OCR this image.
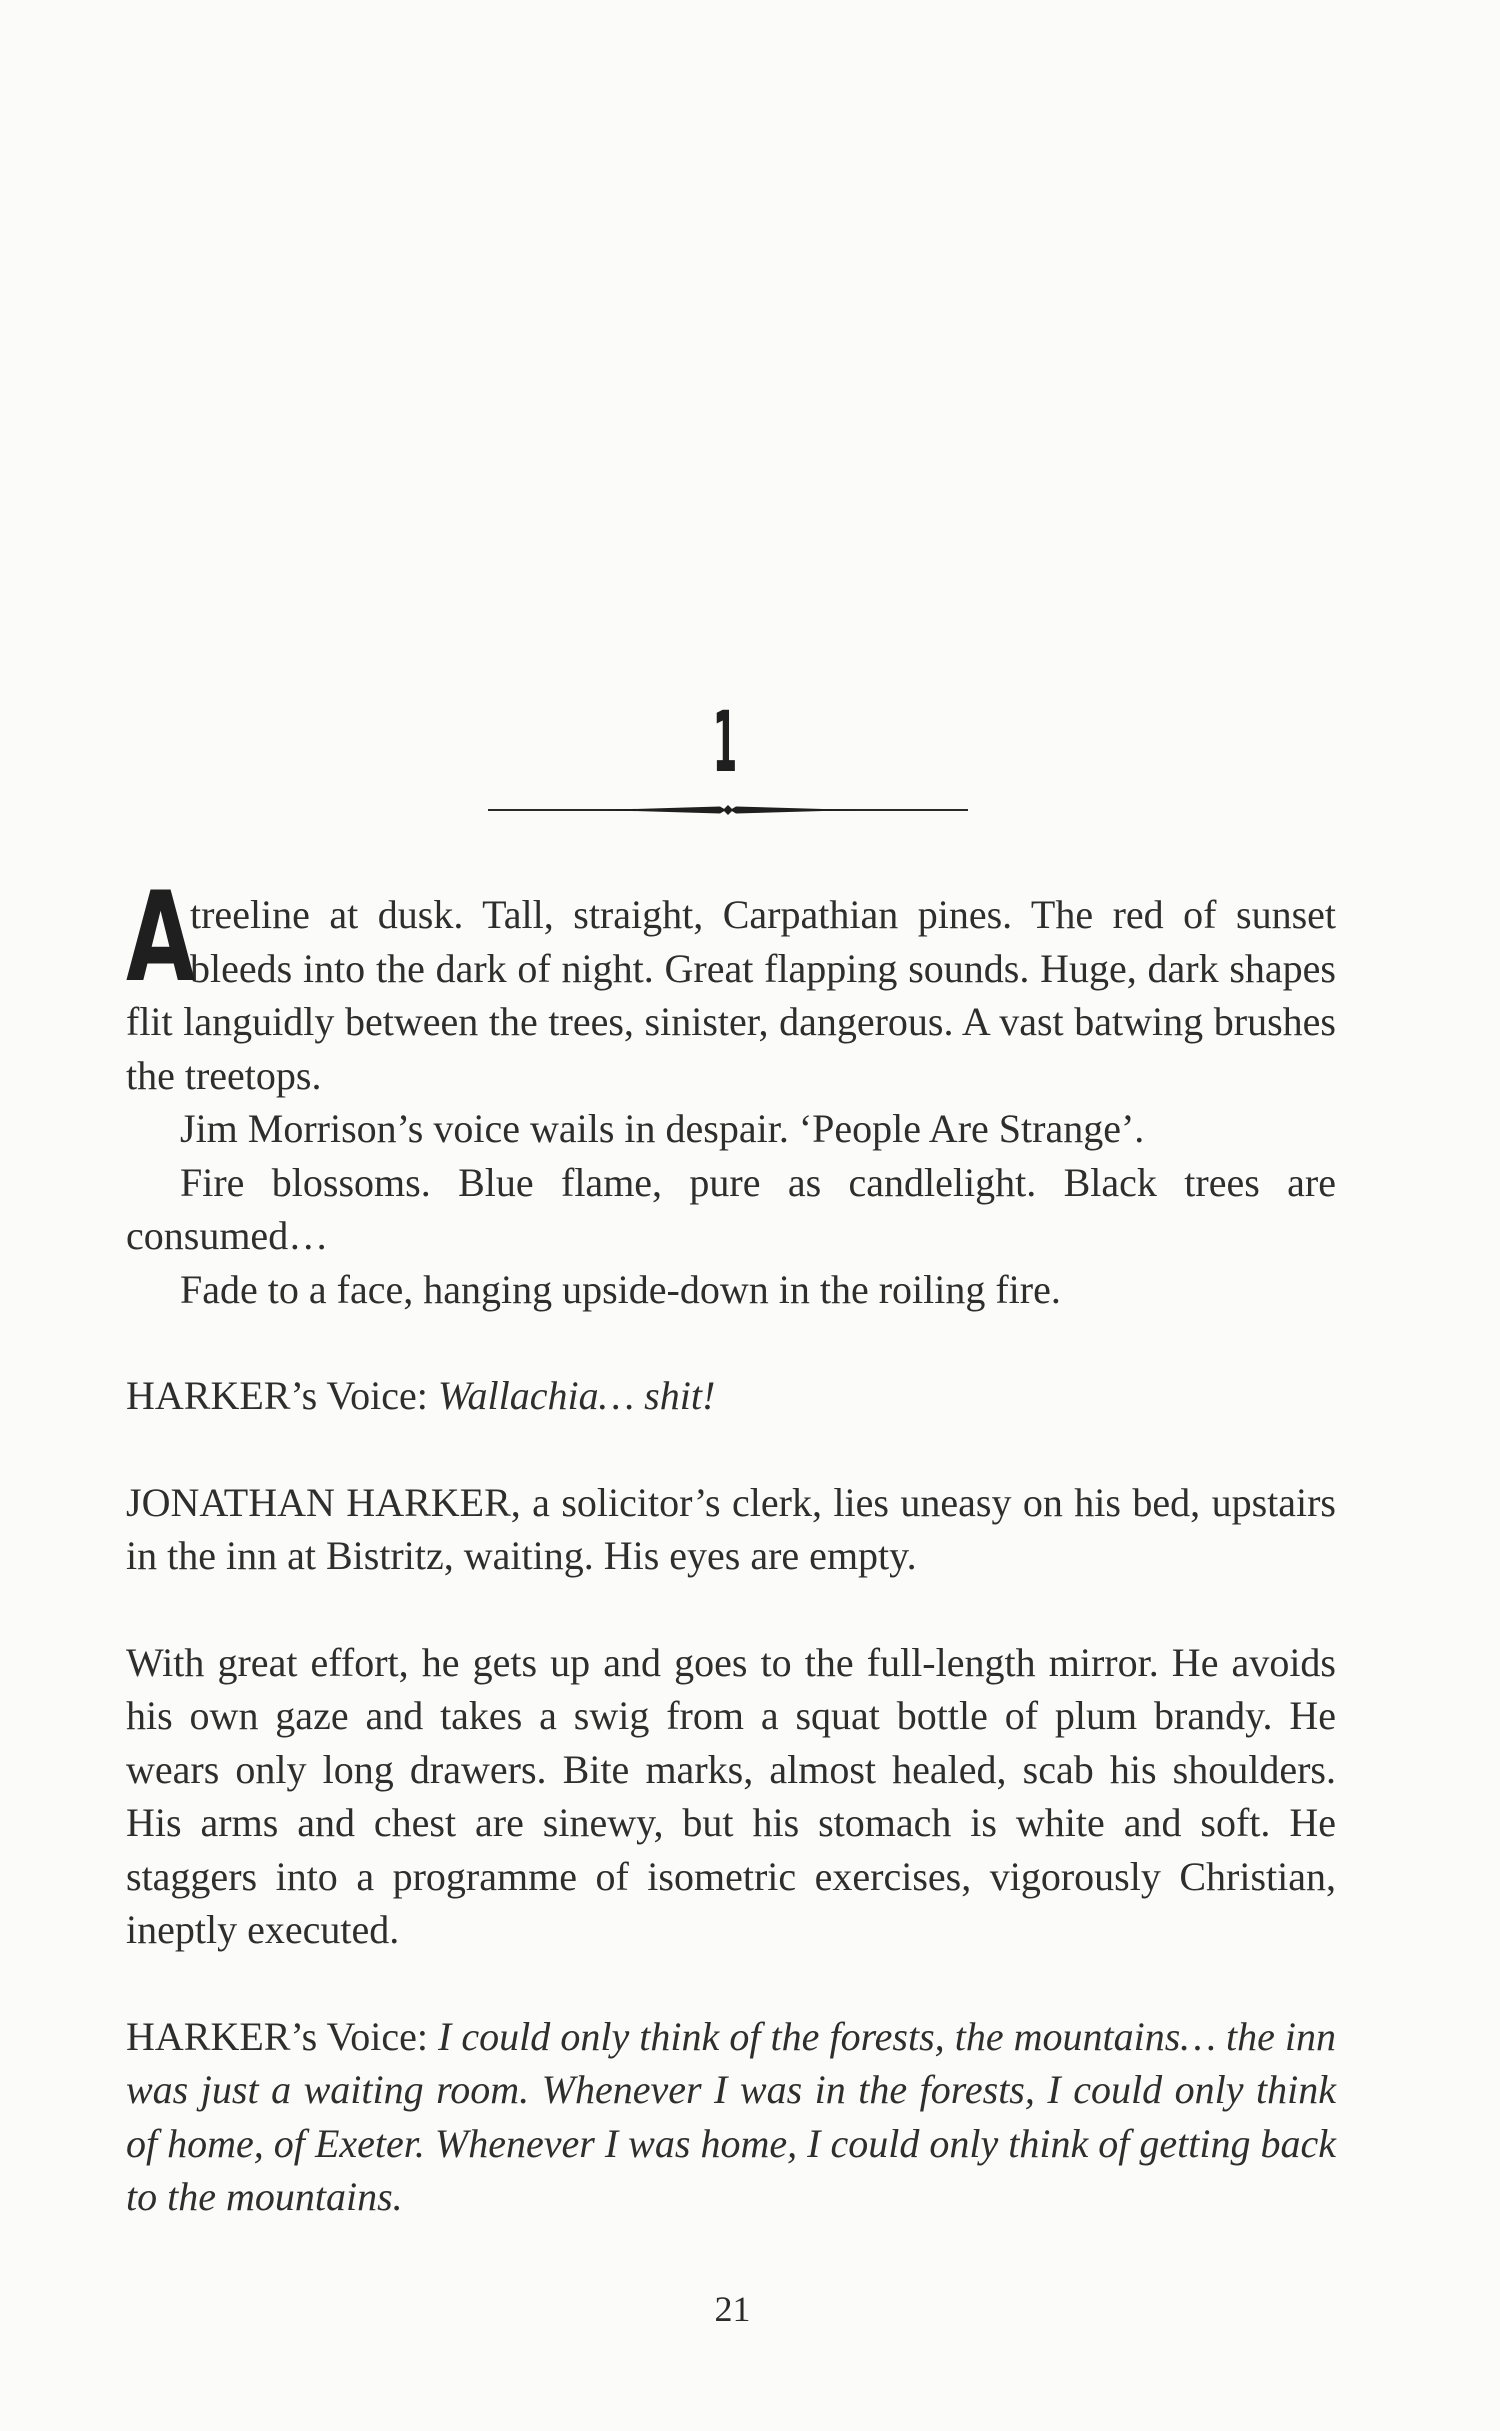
1

A
treeline at dusk. Tall, straight, Carpathian pines. The red of sunset bleeds into the dark of night. Great flapping sounds. Huge, dark shapes flit languidly between the trees, sinister, dangerous. A vast batwing brushes the treetops.

Jim Morrison’s voice wails in despair. ‘People Are Strange’.

Fire blossoms. Blue flame, pure as candlelight. Black trees are consumed…

Fade to a face, hanging upside-down in the roiling fire.

HARKER’s Voice: Wallachia… shit!

JONATHAN HARKER, a solicitor’s clerk, lies uneasy on his bed, upstairs in the inn at Bistritz, waiting. His eyes are empty.

With great effort, he gets up and goes to the full-length mirror. He avoids his own gaze and takes a swig from a squat bottle of plum brandy. He wears only long drawers. Bite marks, almost healed, scab his shoulders. His arms and chest are sinewy, but his stomach is white and soft. He staggers into a programme of isometric exercises, vigorously Christian, ineptly executed.

HARKER’s Voice: I could only think of the forests, the mountains… the inn was just a waiting room. Whenever I was in the forests, I could only think of home, of Exeter. Whenever I was home, I could only think of getting back to the mountains.

21
